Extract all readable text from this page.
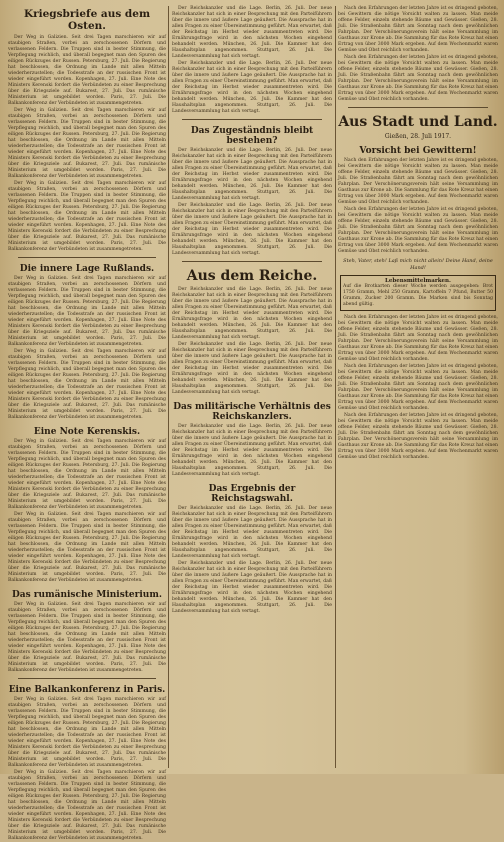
Kriegsbriefe aus dem Osten.

Der Weg in Galizien. Seit drei Tagen marschieren wir auf staubigen Straßen, vorbei an zerschossenen Dörfern und verlassenen Feldern. Die Truppen sind in bester Stimmung, die Verpflegung reichlich, und überall begegnet man den Spuren des eiligen Rückzuges der Russen. Petersburg, 27. Juli. Die Regierung hat beschlossen, die Ordnung im Lande mit allen Mitteln wiederherzustellen; die Todesstrafe an der russischen Front ist wieder eingeführt worden. Kopenhagen, 27. Juli. Eine Note des Ministers Kerenski fordert die Verbündeten zu einer Besprechung über die Kriegsziele auf. Bukarest, 27. Juli. Das rumänische Ministerium ist umgebildet worden. Paris, 27. Juli. Die Balkankonferenz der Verbündeten ist zusammengetreten.

Der Weg in Galizien. Seit drei Tagen marschieren wir auf staubigen Straßen, vorbei an zerschossenen Dörfern und verlassenen Feldern. Die Truppen sind in bester Stimmung, die Verpflegung reichlich, und überall begegnet man den Spuren des eiligen Rückzuges der Russen. Petersburg, 27. Juli. Die Regierung hat beschlossen, die Ordnung im Lande mit allen Mitteln wiederherzustellen; die Todesstrafe an der russischen Front ist wieder eingeführt worden. Kopenhagen, 27. Juli. Eine Note des Ministers Kerenski fordert die Verbündeten zu einer Besprechung über die Kriegsziele auf. Bukarest, 27. Juli. Das rumänische Ministerium ist umgebildet worden. Paris, 27. Juli. Die Balkankonferenz der Verbündeten ist zusammengetreten.

Der Weg in Galizien. Seit drei Tagen marschieren wir auf staubigen Straßen, vorbei an zerschossenen Dörfern und verlassenen Feldern. Die Truppen sind in bester Stimmung, die Verpflegung reichlich, und überall begegnet man den Spuren des eiligen Rückzuges der Russen. Petersburg, 27. Juli. Die Regierung hat beschlossen, die Ordnung im Lande mit allen Mitteln wiederherzustellen; die Todesstrafe an der russischen Front ist wieder eingeführt worden. Kopenhagen, 27. Juli. Eine Note des Ministers Kerenski fordert die Verbündeten zu einer Besprechung über die Kriegsziele auf. Bukarest, 27. Juli. Das rumänische Ministerium ist umgebildet worden. Paris, 27. Juli. Die Balkankonferenz der Verbündeten ist zusammengetreten.

Die innere Lage Rußlands.

Der Weg in Galizien. Seit drei Tagen marschieren wir auf staubigen Straßen, vorbei an zerschossenen Dörfern und verlassenen Feldern. Die Truppen sind in bester Stimmung, die Verpflegung reichlich, und überall begegnet man den Spuren des eiligen Rückzuges der Russen. Petersburg, 27. Juli. Die Regierung hat beschlossen, die Ordnung im Lande mit allen Mitteln wiederherzustellen; die Todesstrafe an der russischen Front ist wieder eingeführt worden. Kopenhagen, 27. Juli. Eine Note des Ministers Kerenski fordert die Verbündeten zu einer Besprechung über die Kriegsziele auf. Bukarest, 27. Juli. Das rumänische Ministerium ist umgebildet worden. Paris, 27. Juli. Die Balkankonferenz der Verbündeten ist zusammengetreten.

Der Weg in Galizien. Seit drei Tagen marschieren wir auf staubigen Straßen, vorbei an zerschossenen Dörfern und verlassenen Feldern. Die Truppen sind in bester Stimmung, die Verpflegung reichlich, und überall begegnet man den Spuren des eiligen Rückzuges der Russen. Petersburg, 27. Juli. Die Regierung hat beschlossen, die Ordnung im Lande mit allen Mitteln wiederherzustellen; die Todesstrafe an der russischen Front ist wieder eingeführt worden. Kopenhagen, 27. Juli. Eine Note des Ministers Kerenski fordert die Verbündeten zu einer Besprechung über die Kriegsziele auf. Bukarest, 27. Juli. Das rumänische Ministerium ist umgebildet worden. Paris, 27. Juli. Die Balkankonferenz der Verbündeten ist zusammengetreten.

Eine Note Kerenskis.

Der Weg in Galizien. Seit drei Tagen marschieren wir auf staubigen Straßen, vorbei an zerschossenen Dörfern und verlassenen Feldern. Die Truppen sind in bester Stimmung, die Verpflegung reichlich, und überall begegnet man den Spuren des eiligen Rückzuges der Russen. Petersburg, 27. Juli. Die Regierung hat beschlossen, die Ordnung im Lande mit allen Mitteln wiederherzustellen; die Todesstrafe an der russischen Front ist wieder eingeführt worden. Kopenhagen, 27. Juli. Eine Note des Ministers Kerenski fordert die Verbündeten zu einer Besprechung über die Kriegsziele auf. Bukarest, 27. Juli. Das rumänische Ministerium ist umgebildet worden. Paris, 27. Juli. Die Balkankonferenz der Verbündeten ist zusammengetreten.

Der Weg in Galizien. Seit drei Tagen marschieren wir auf staubigen Straßen, vorbei an zerschossenen Dörfern und verlassenen Feldern. Die Truppen sind in bester Stimmung, die Verpflegung reichlich, und überall begegnet man den Spuren des eiligen Rückzuges der Russen. Petersburg, 27. Juli. Die Regierung hat beschlossen, die Ordnung im Lande mit allen Mitteln wiederherzustellen; die Todesstrafe an der russischen Front ist wieder eingeführt worden. Kopenhagen, 27. Juli. Eine Note des Ministers Kerenski fordert die Verbündeten zu einer Besprechung über die Kriegsziele auf. Bukarest, 27. Juli. Das rumänische Ministerium ist umgebildet worden. Paris, 27. Juli. Die Balkankonferenz der Verbündeten ist zusammengetreten.

Das rumänische Ministerium.

Der Weg in Galizien. Seit drei Tagen marschieren wir auf staubigen Straßen, vorbei an zerschossenen Dörfern und verlassenen Feldern. Die Truppen sind in bester Stimmung, die Verpflegung reichlich, und überall begegnet man den Spuren des eiligen Rückzuges der Russen. Petersburg, 27. Juli. Die Regierung hat beschlossen, die Ordnung im Lande mit allen Mitteln wiederherzustellen; die Todesstrafe an der russischen Front ist wieder eingeführt worden. Kopenhagen, 27. Juli. Eine Note des Ministers Kerenski fordert die Verbündeten zu einer Besprechung über die Kriegsziele auf. Bukarest, 27. Juli. Das rumänische Ministerium ist umgebildet worden. Paris, 27. Juli. Die Balkankonferenz der Verbündeten ist zusammengetreten.

Eine Balkankonferenz in Paris.

Der Weg in Galizien. Seit drei Tagen marschieren wir auf staubigen Straßen, vorbei an zerschossenen Dörfern und verlassenen Feldern. Die Truppen sind in bester Stimmung, die Verpflegung reichlich, und überall begegnet man den Spuren des eiligen Rückzuges der Russen. Petersburg, 27. Juli. Die Regierung hat beschlossen, die Ordnung im Lande mit allen Mitteln wiederherzustellen; die Todesstrafe an der russischen Front ist wieder eingeführt worden. Kopenhagen, 27. Juli. Eine Note des Ministers Kerenski fordert die Verbündeten zu einer Besprechung über die Kriegsziele auf. Bukarest, 27. Juli. Das rumänische Ministerium ist umgebildet worden. Paris, 27. Juli. Die Balkankonferenz der Verbündeten ist zusammengetreten.

Der Weg in Galizien. Seit drei Tagen marschieren wir auf staubigen Straßen, vorbei an zerschossenen Dörfern und verlassenen Feldern. Die Truppen sind in bester Stimmung, die Verpflegung reichlich, und überall begegnet man den Spuren des eiligen Rückzuges der Russen. Petersburg, 27. Juli. Die Regierung hat beschlossen, die Ordnung im Lande mit allen Mitteln wiederherzustellen; die Todesstrafe an der russischen Front ist wieder eingeführt worden. Kopenhagen, 27. Juli. Eine Note des Ministers Kerenski fordert die Verbündeten zu einer Besprechung über die Kriegsziele auf. Bukarest, 27. Juli. Das rumänische Ministerium ist umgebildet worden. Paris, 27. Juli. Die Balkankonferenz der Verbündeten ist zusammengetreten.

Der Reichskanzler und die Lage. Berlin, 26. Juli. Der neue Reichskanzler hat sich in einer Besprechung mit den Parteiführern über die innere und äußere Lage geäußert. Die Aussprache hat in allen Fragen zu einer Übereinstimmung geführt. Man erwartet, daß der Reichstag im Herbst wieder zusammentreten wird. Die Ernährungsfrage wird in den nächsten Wochen eingehend behandelt werden. München, 26. Juli. Die Kammer hat den Haushaltsplan angenommen. Stuttgart, 26. Juli. Die Landesversammlung hat sich vertagt.

Der Reichskanzler und die Lage. Berlin, 26. Juli. Der neue Reichskanzler hat sich in einer Besprechung mit den Parteiführern über die innere und äußere Lage geäußert. Die Aussprache hat in allen Fragen zu einer Übereinstimmung geführt. Man erwartet, daß der Reichstag im Herbst wieder zusammentreten wird. Die Ernährungsfrage wird in den nächsten Wochen eingehend behandelt werden. München, 26. Juli. Die Kammer hat den Haushaltsplan angenommen. Stuttgart, 26. Juli. Die Landesversammlung hat sich vertagt.

Das Zugeständnis bleibt bestehen?

Der Reichskanzler und die Lage. Berlin, 26. Juli. Der neue Reichskanzler hat sich in einer Besprechung mit den Parteiführern über die innere und äußere Lage geäußert. Die Aussprache hat in allen Fragen zu einer Übereinstimmung geführt. Man erwartet, daß der Reichstag im Herbst wieder zusammentreten wird. Die Ernährungsfrage wird in den nächsten Wochen eingehend behandelt werden. München, 26. Juli. Die Kammer hat den Haushaltsplan angenommen. Stuttgart, 26. Juli. Die Landesversammlung hat sich vertagt.

Der Reichskanzler und die Lage. Berlin, 26. Juli. Der neue Reichskanzler hat sich in einer Besprechung mit den Parteiführern über die innere und äußere Lage geäußert. Die Aussprache hat in allen Fragen zu einer Übereinstimmung geführt. Man erwartet, daß der Reichstag im Herbst wieder zusammentreten wird. Die Ernährungsfrage wird in den nächsten Wochen eingehend behandelt werden. München, 26. Juli. Die Kammer hat den Haushaltsplan angenommen. Stuttgart, 26. Juli. Die Landesversammlung hat sich vertagt.

Aus dem Reiche.

Der Reichskanzler und die Lage. Berlin, 26. Juli. Der neue Reichskanzler hat sich in einer Besprechung mit den Parteiführern über die innere und äußere Lage geäußert. Die Aussprache hat in allen Fragen zu einer Übereinstimmung geführt. Man erwartet, daß der Reichstag im Herbst wieder zusammentreten wird. Die Ernährungsfrage wird in den nächsten Wochen eingehend behandelt werden. München, 26. Juli. Die Kammer hat den Haushaltsplan angenommen. Stuttgart, 26. Juli. Die Landesversammlung hat sich vertagt.

Der Reichskanzler und die Lage. Berlin, 26. Juli. Der neue Reichskanzler hat sich in einer Besprechung mit den Parteiführern über die innere und äußere Lage geäußert. Die Aussprache hat in allen Fragen zu einer Übereinstimmung geführt. Man erwartet, daß der Reichstag im Herbst wieder zusammentreten wird. Die Ernährungsfrage wird in den nächsten Wochen eingehend behandelt werden. München, 26. Juli. Die Kammer hat den Haushaltsplan angenommen. Stuttgart, 26. Juli. Die Landesversammlung hat sich vertagt.

Das militärische Verhältnis des Reichskanzlers.

Der Reichskanzler und die Lage. Berlin, 26. Juli. Der neue Reichskanzler hat sich in einer Besprechung mit den Parteiführern über die innere und äußere Lage geäußert. Die Aussprache hat in allen Fragen zu einer Übereinstimmung geführt. Man erwartet, daß der Reichstag im Herbst wieder zusammentreten wird. Die Ernährungsfrage wird in den nächsten Wochen eingehend behandelt werden. München, 26. Juli. Die Kammer hat den Haushaltsplan angenommen. Stuttgart, 26. Juli. Die Landesversammlung hat sich vertagt.

Das Ergebnis der Reichstagswahl.

Der Reichskanzler und die Lage. Berlin, 26. Juli. Der neue Reichskanzler hat sich in einer Besprechung mit den Parteiführern über die innere und äußere Lage geäußert. Die Aussprache hat in allen Fragen zu einer Übereinstimmung geführt. Man erwartet, daß der Reichstag im Herbst wieder zusammentreten wird. Die Ernährungsfrage wird in den nächsten Wochen eingehend behandelt werden. München, 26. Juli. Die Kammer hat den Haushaltsplan angenommen. Stuttgart, 26. Juli. Die Landesversammlung hat sich vertagt.

Der Reichskanzler und die Lage. Berlin, 26. Juli. Der neue Reichskanzler hat sich in einer Besprechung mit den Parteiführern über die innere und äußere Lage geäußert. Die Aussprache hat in allen Fragen zu einer Übereinstimmung geführt. Man erwartet, daß der Reichstag im Herbst wieder zusammentreten wird. Die Ernährungsfrage wird in den nächsten Wochen eingehend behandelt werden. München, 26. Juli. Die Kammer hat den Haushaltsplan angenommen. Stuttgart, 26. Juli. Die Landesversammlung hat sich vertagt.

Nach den Erfahrungen der letzten Jahre ist es dringend geboten, bei Gewittern die nötige Vorsicht walten zu lassen. Man meide offene Felder, einzeln stehende Bäume und Gewässer. Gießen, 28. Juli. Die Straßenbahn fährt am Sonntag nach dem gewöhnlichen Fahrplan. Der Verschönerungsverein hält seine Versammlung im Gasthaus zur Krone ab. Die Sammlung für das Rote Kreuz hat einen Ertrag von über 3000 Mark ergeben. Auf dem Wochenmarkt waren Gemüse und Obst reichlich vorhanden.

Nach den Erfahrungen der letzten Jahre ist es dringend geboten, bei Gewittern die nötige Vorsicht walten zu lassen. Man meide offene Felder, einzeln stehende Bäume und Gewässer. Gießen, 28. Juli. Die Straßenbahn fährt am Sonntag nach dem gewöhnlichen Fahrplan. Der Verschönerungsverein hält seine Versammlung im Gasthaus zur Krone ab. Die Sammlung für das Rote Kreuz hat einen Ertrag von über 3000 Mark ergeben. Auf dem Wochenmarkt waren Gemüse und Obst reichlich vorhanden.

Aus Stadt und Land.
Gießen, 28. Juli 1917.
Vorsicht bei Gewittern!

Nach den Erfahrungen der letzten Jahre ist es dringend geboten, bei Gewittern die nötige Vorsicht walten zu lassen. Man meide offene Felder, einzeln stehende Bäume und Gewässer. Gießen, 28. Juli. Die Straßenbahn fährt am Sonntag nach dem gewöhnlichen Fahrplan. Der Verschönerungsverein hält seine Versammlung im Gasthaus zur Krone ab. Die Sammlung für das Rote Kreuz hat einen Ertrag von über 3000 Mark ergeben. Auf dem Wochenmarkt waren Gemüse und Obst reichlich vorhanden.

Nach den Erfahrungen der letzten Jahre ist es dringend geboten, bei Gewittern die nötige Vorsicht walten zu lassen. Man meide offene Felder, einzeln stehende Bäume und Gewässer. Gießen, 28. Juli. Die Straßenbahn fährt am Sonntag nach dem gewöhnlichen Fahrplan. Der Verschönerungsverein hält seine Versammlung im Gasthaus zur Krone ab. Die Sammlung für das Rote Kreuz hat einen Ertrag von über 3000 Mark ergeben. Auf dem Wochenmarkt waren Gemüse und Obst reichlich vorhanden.

Steh, Vater, steh! Laß mich nicht allein! Deine Hand, deine Hand!
Lebensmittelmarken.
Auf die Brotkarten dieser Woche werden ausgegeben: Brot 1750 Gramm, Mehl 250 Gramm, Kartoffeln 7 Pfund, Butter 50 Gramm, Zucker 200 Gramm. Die Marken sind bis Sonntag abend gültig.

Nach den Erfahrungen der letzten Jahre ist es dringend geboten, bei Gewittern die nötige Vorsicht walten zu lassen. Man meide offene Felder, einzeln stehende Bäume und Gewässer. Gießen, 28. Juli. Die Straßenbahn fährt am Sonntag nach dem gewöhnlichen Fahrplan. Der Verschönerungsverein hält seine Versammlung im Gasthaus zur Krone ab. Die Sammlung für das Rote Kreuz hat einen Ertrag von über 3000 Mark ergeben. Auf dem Wochenmarkt waren Gemüse und Obst reichlich vorhanden.

Nach den Erfahrungen der letzten Jahre ist es dringend geboten, bei Gewittern die nötige Vorsicht walten zu lassen. Man meide offene Felder, einzeln stehende Bäume und Gewässer. Gießen, 28. Juli. Die Straßenbahn fährt am Sonntag nach dem gewöhnlichen Fahrplan. Der Verschönerungsverein hält seine Versammlung im Gasthaus zur Krone ab. Die Sammlung für das Rote Kreuz hat einen Ertrag von über 3000 Mark ergeben. Auf dem Wochenmarkt waren Gemüse und Obst reichlich vorhanden.

Nach den Erfahrungen der letzten Jahre ist es dringend geboten, bei Gewittern die nötige Vorsicht walten zu lassen. Man meide offene Felder, einzeln stehende Bäume und Gewässer. Gießen, 28. Juli. Die Straßenbahn fährt am Sonntag nach dem gewöhnlichen Fahrplan. Der Verschönerungsverein hält seine Versammlung im Gasthaus zur Krone ab. Die Sammlung für das Rote Kreuz hat einen Ertrag von über 3000 Mark ergeben. Auf dem Wochenmarkt waren Gemüse und Obst reichlich vorhanden.
